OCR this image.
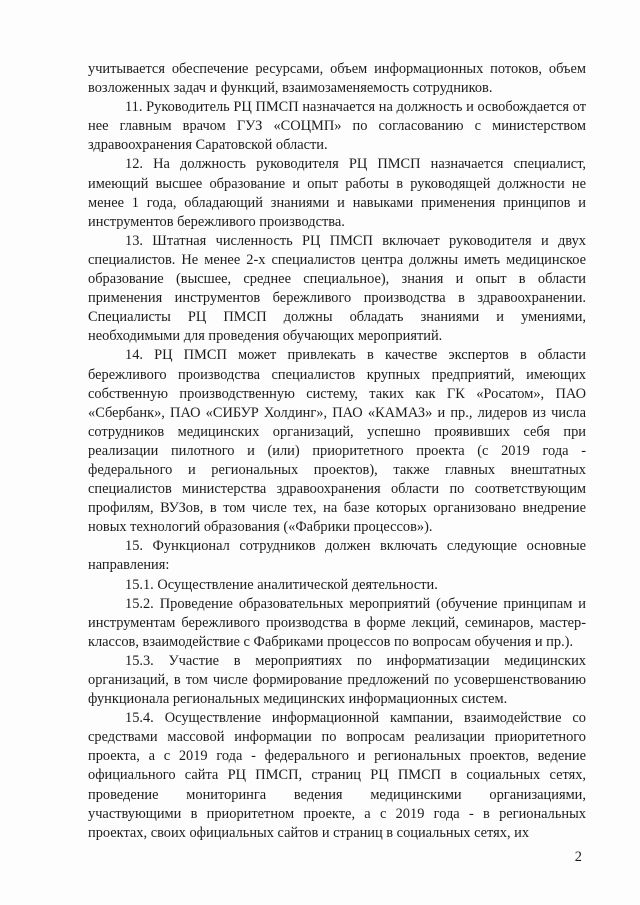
учитывается обеспечение ресурсами, объем информационных потоков, объем возложенных задач и функций, взаимозаменяемость сотрудников.

11. Руководитель РЦ ПМСП назначается на должность и освобождается от нее главным врачом ГУЗ «СОЦМП» по согласованию с министерством здравоохранения Саратовской области.

12. На должность руководителя РЦ ПМСП назначается специалист, имеющий высшее образование и опыт работы в руководящей должности не менее 1 года, обладающий знаниями и навыками применения принципов и инструментов бережливого производства.

13. Штатная численность РЦ ПМСП включает руководителя и двух специалистов. Не менее 2-х специалистов центра должны иметь медицинское образование (высшее, среднее специальное), знания и опыт в области применения инструментов бережливого производства в здравоохранении. Специалисты РЦ ПМСП должны обладать знаниями и умениями, необходимыми для проведения обучающих мероприятий.

14. РЦ ПМСП может привлекать в качестве экспертов в области бережливого производства специалистов крупных предприятий, имеющих собственную производственную систему, таких как ГК «Росатом», ПАО «Сбербанк», ПАО «СИБУР Холдинг», ПАО «КАМАЗ» и пр., лидеров из числа сотрудников медицинских организаций, успешно проявивших себя при реализации пилотного и (или) приоритетного проекта (с 2019 года - федерального и региональных проектов), также главных внештатных специалистов министерства здравоохранения области по соответствующим профилям, ВУЗов, в том числе тех, на базе которых организовано внедрение новых технологий образования («Фабрики процессов»).

15. Функционал сотрудников должен включать следующие основные направления:

15.1. Осуществление аналитической деятельности.

15.2. Проведение образовательных мероприятий (обучение принципам и инструментам бережливого производства в форме лекций, семинаров, мастер-классов, взаимодействие с Фабриками процессов по вопросам обучения и пр.).

15.3. Участие в мероприятиях по информатизации медицинских организаций, в том числе формирование предложений по усовершенствованию функционала региональных медицинских информационных систем.

15.4. Осуществление информационной кампании, взаимодействие со средствами массовой информации по вопросам реализации приоритетного проекта, а с 2019 года - федерального и региональных проектов, ведение официального сайта РЦ ПМСП, страниц РЦ ПМСП в социальных сетях, проведение мониторинга ведения медицинскими организациями, участвующими в приоритетном проекте, а с 2019 года - в региональных проектах, своих официальных сайтов и страниц в социальных сетях, их

2
